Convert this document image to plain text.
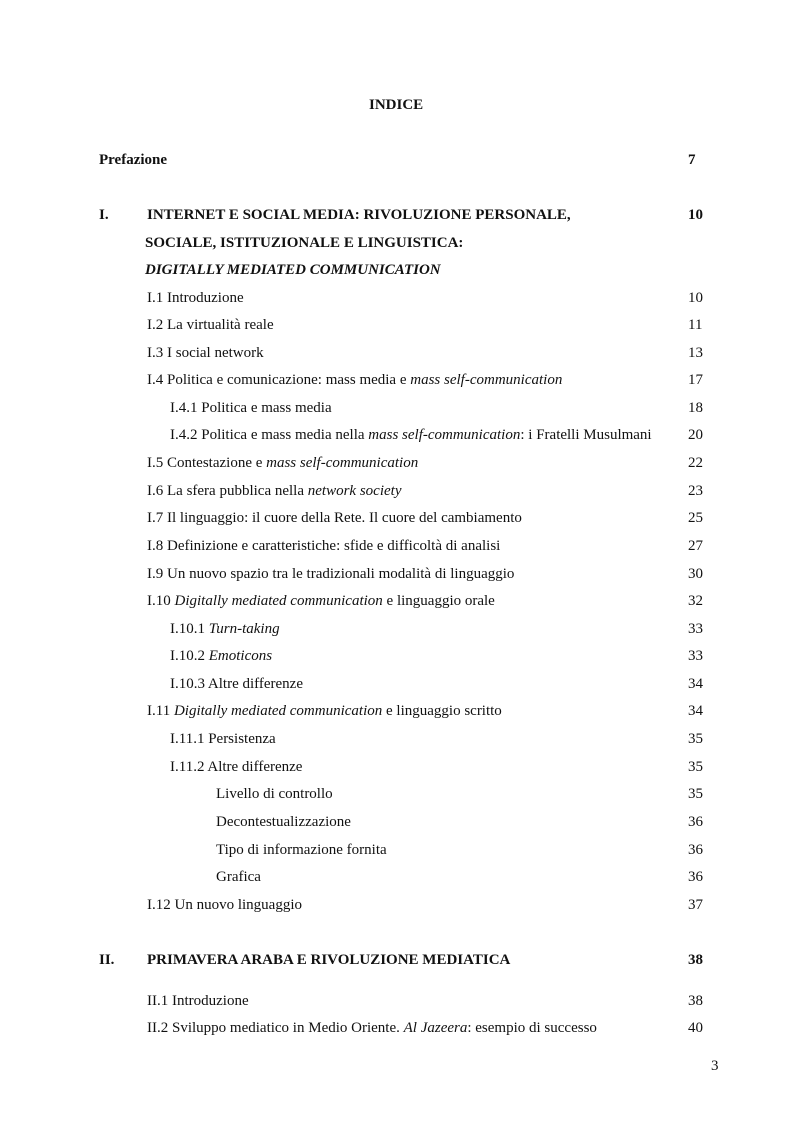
INDICE
Prefazione	7
I.	INTERNET E SOCIAL MEDIA: RIVOLUZIONE PERSONALE,	10
SOCIALE, ISTITUZIONALE E LINGUISTICA:
DIGITALLY MEDIATED COMMUNICATION
I.1 Introduzione	10
I.2 La virtualità reale	11
I.3 I social network	13
I.4 Politica e comunicazione: mass media e mass self-communication	17
I.4.1 Politica e mass media	18
I.4.2 Politica e mass media nella mass self-communication: i Fratelli Musulmani 20
I.5 Contestazione e mass self-communication	22
I.6 La sfera pubblica nella network society	23
I.7 Il linguaggio: il cuore della Rete. Il cuore del cambiamento	25
I.8 Definizione e caratteristiche: sfide e difficoltà di analisi	27
I.9 Un nuovo spazio tra le tradizionali modalità di linguaggio	30
I.10 Digitally mediated communication e linguaggio orale	32
I.10.1 Turn-taking	33
I.10.2 Emoticons	33
I.10.3 Altre differenze	34
I.11 Digitally mediated communication e linguaggio scritto	34
I.11.1 Persistenza	35
I.11.2 Altre differenze	35
Livello di controllo	35
Decontestualizzazione	36
Tipo di informazione fornita	36
Grafica	36
I.12 Un nuovo linguaggio	37
II. PRIMAVERA ARABA E RIVOLUZIONE MEDIATICA	38
II.1 Introduzione	38
II.2 Sviluppo mediatico in Medio Oriente. Al Jazeera: esempio di successo	40
3
